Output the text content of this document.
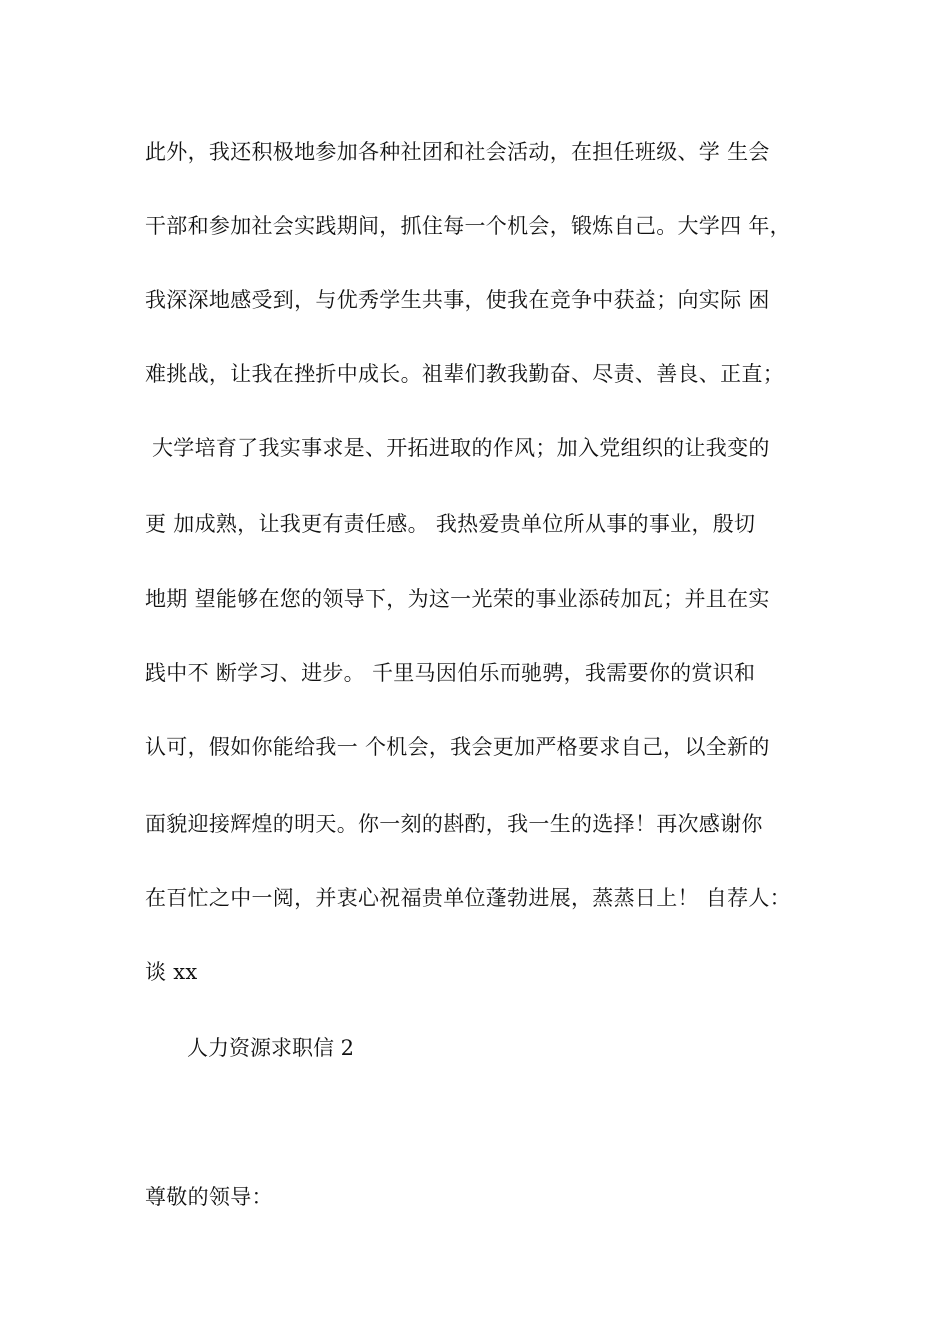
此外，我还积极地参加各种社团和社会活动，在担任班级、学 生会
干部和参加社会实践期间，抓住每一个机会，锻炼自己。大学四 年，
我深深地感受到，与优秀学生共事，使我在竞争中获益；向实际 困
难挑战，让我在挫折中成长。祖辈们教我勤奋、尽责、善良、正直；
大学培育了我实事求是、开拓进取的作风；加入党组织的让我变的
更 加成熟，让我更有责任感。 我热爱贵单位所从事的事业，殷切
地期 望能够在您的领导下，为这一光荣的事业添砖加瓦；并且在实
践中不 断学习、进步。 千里马因伯乐而驰骋，我需要你的赏识和
认可，假如你能给我一 个机会，我会更加严格要求自己，以全新的
面貌迎接辉煌的明天。你一刻的斟酌，我一生的选择！再次感谢你
在百忙之中一阅，并衷心祝福贵单位蓬勃进展，蒸蒸日上！ 自荐人：
谈 xx
人力资源求职信 2
尊敬的领导：
